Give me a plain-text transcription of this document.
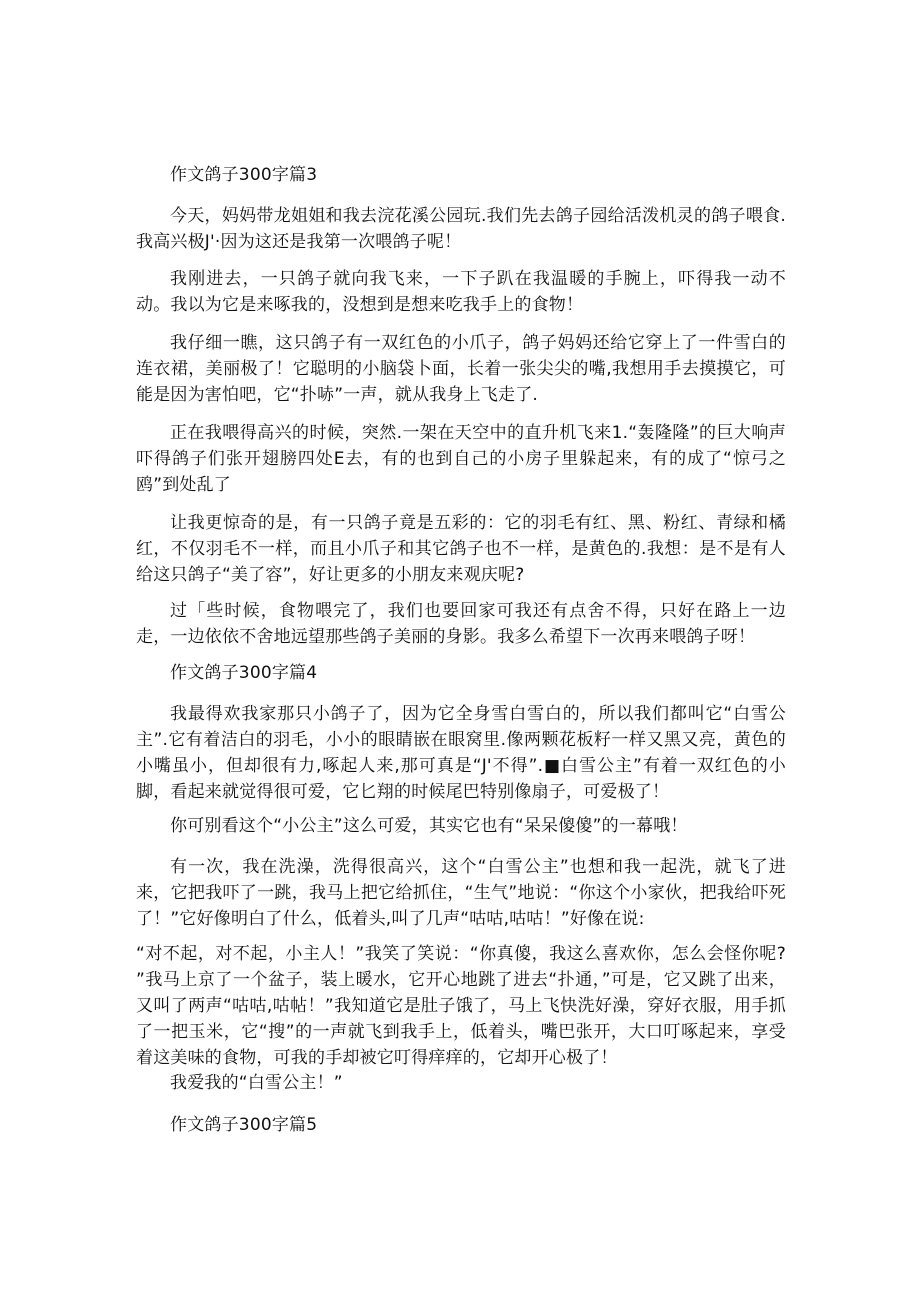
作文鸽子300字篇3

今天，妈妈带龙姐姐和我去浣花溪公园玩.我们先去鸽子园给活泼机灵的鸽子喂食.我高兴极J'·因为这还是我第一次喂鸽子呢！

我刚进去，一只鸽子就向我飞来，一下子趴在我温暖的手腕上，吓得我一动不动。我以为它是来啄我的，没想到是想来吃我手上的食物！

我仔细一瞧，这只鸽子有一双红色的小爪子，鸽子妈妈还给它穿上了一件雪白的连衣裙，美丽极了！它聪明的小脑袋卜面，长着一张尖尖的嘴,我想用手去摸摸它，可能是因为害怕吧，它“扑哧”一声，就从我身上飞走了.

正在我喂得高兴的时候，突然.一架在天空中的直升机飞来1.“轰隆隆”的巨大响声吓得鸽子们张开翅膀四处E去，有的也到自己的小房子里躲起来，有的成了“惊弓之鸥”到处乱了

让我更惊奇的是，有一只鸽子竟是五彩的：它的羽毛有红、黑、粉红、青绿和橘红，不仅羽毛不一样，而且小爪子和其它鸽子也不一样，是黄色的.我想：是不是有人给这只鸽子“美了容”，好让更多的小朋友来观庆呢?

过「些时候，食物喂完了，我们也要回家可我还有点舍不得，只好在路上一边走，一边依依不舍地远望那些鸽子美丽的身影。我多么希望下一次再来喂鸽子呀！

作文鸽子300字篇4

我最得欢我家那只小鸽子了，因为它全身雪白雪白的，所以我们都叫它“白雪公主”.它有着洁白的羽毛，小小的眼睛嵌在眼窝里.像两颗花板籽一样又黑又亮，黄色的小嘴虽小，但却很有力,啄起人来,那可真是“J'不得”.■白雪公主”有着一双红色的小脚，看起来就觉得很可爱，它匕翔的时候尾巴特别像扇子，可爱极了！

你可别看这个“小公主”这么可爱，其实它也有“呆呆傻傻”的一幕哦！

有一次，我在洗澡，洗得很高兴，这个“白雪公主”也想和我一起洗，就飞了进来，它把我吓了一跳，我马上把它给抓住，“生气”地说：“你这个小家伙，把我给吓死了！”它好像明白了什么，低着头,叫了几声“咕咕,咕咕！”好像在说:

“对不起，对不起，小主人！”我笑了笑说：“你真傻，我这么喜欢你，怎么会怪你呢? ”我马上京了一个盆子，装上暖水，它开心地跳了进去“扑通，”可是，它又跳了出来，又叫了两声“咕咕,咕帖！”我知道它是肚子饿了，马上飞快洗好澡，穿好衣服，用手抓了一把玉米，它“搜”的一声就飞到我手上，低着头，嘴巴张开，大口叮啄起来，享受着这美味的食物，可我的手却被它叮得痒痒的，它却开心极了！

我爱我的“白雪公主！”

作文鸽子300字篇5
